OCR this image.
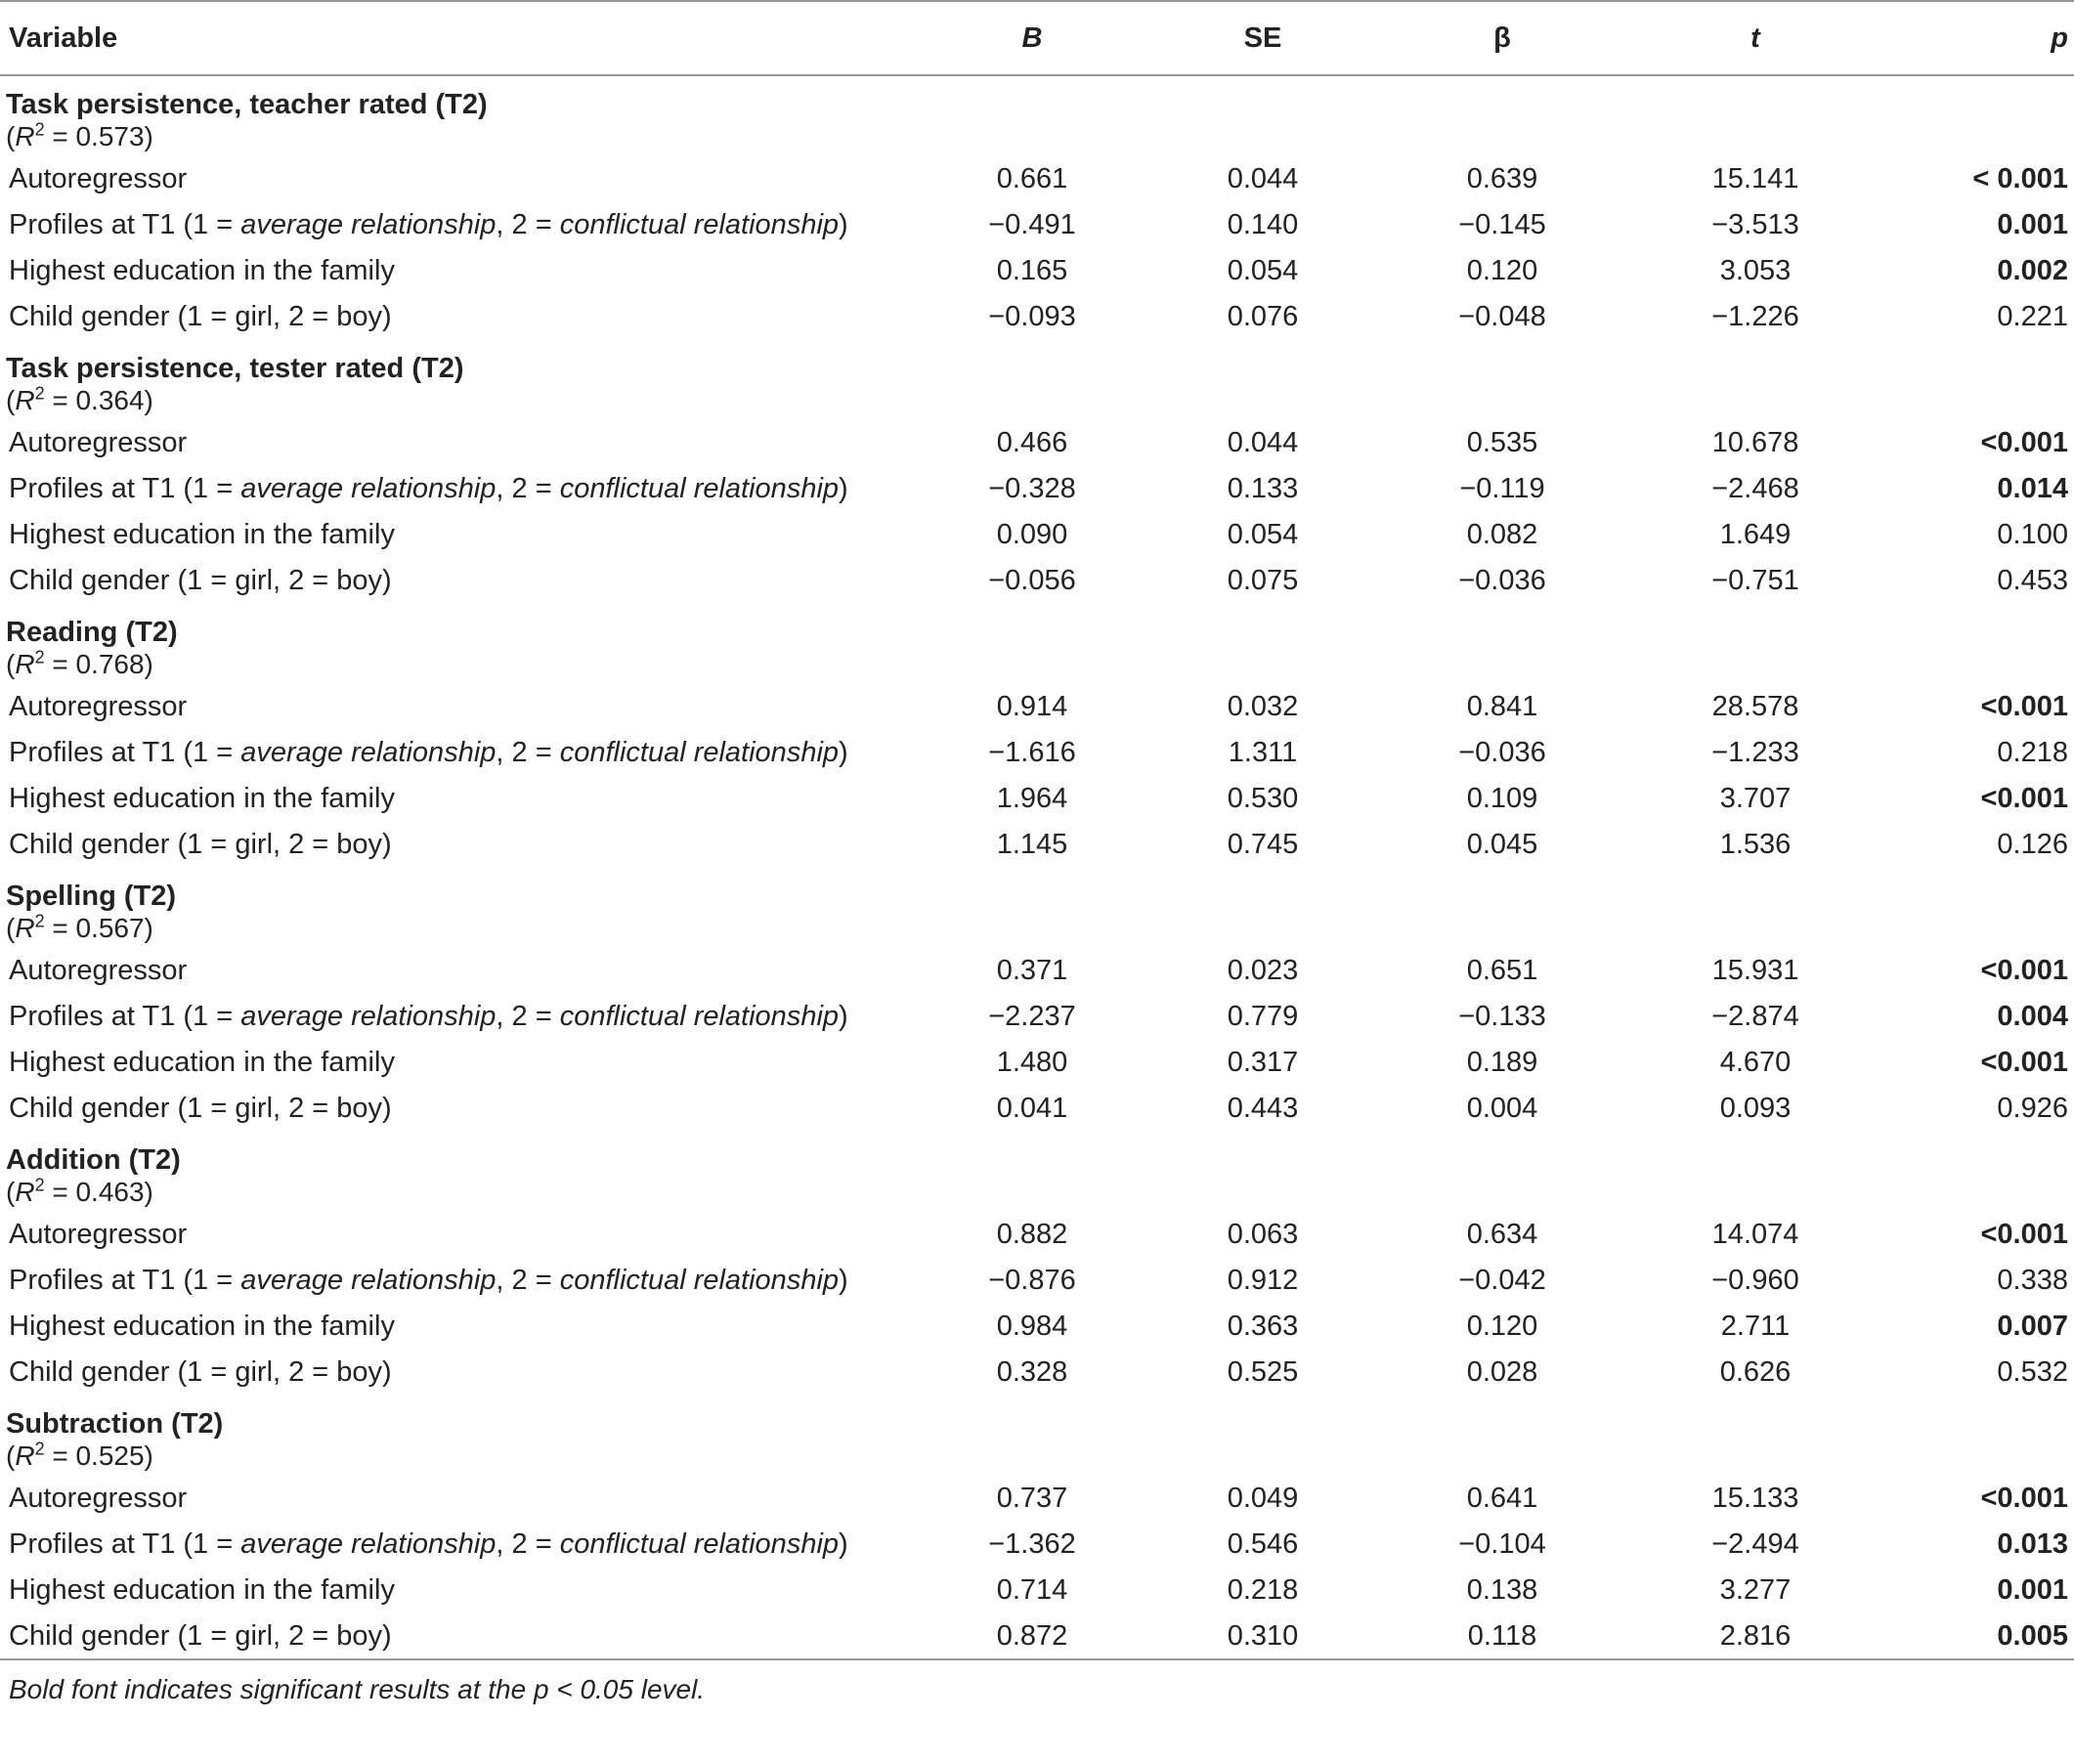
Variable	B	SE	β	t	p
Task persistence, teacher rated (T2)					
$(R^2 = 0.573)$					
Autoregressor	0.661	0.044	0.639	15.141	< 0.001
Profiles at T1 (1 = average relationship, 2 = conflictual relationship)	−0.491	0.140	−0.145	−3.513	0.001
Highest education in the family	0.165	0.054	0.120	3.053	0.002
Child gender (1 = girl, 2 = boy)	−0.093	0.076	−0.048	−1.226	0.221
Task persistence, tester rated (T2)					
$(R^2 = 0.364)$					
Autoregressor	0.466	0.044	0.535	10.678	<0.001
Profiles at T1 (1 = average relationship, 2 = conflictual relationship)	−0.328	0.133	−0.119	−2.468	0.014
Highest education in the family	0.090	0.054	0.082	1.649	0.100
Child gender (1 = girl, 2 = boy)	−0.056	0.075	−0.036	−0.751	0.453
Reading (T2)					
$(R^2 = 0.768)$					
Autoregressor	0.914	0.032	0.841	28.578	<0.001
Profiles at T1 (1 = average relationship, 2 = conflictual relationship)	−1.616	1.311	−0.036	−1.233	0.218
Highest education in the family	1.964	0.530	0.109	3.707	<0.001
Child gender (1 = girl, 2 = boy)	1.145	0.745	0.045	1.536	0.126
Spelling (T2)					
$(R^2 = 0.567)$					
Autoregressor	0.371	0.023	0.651	15.931	<0.001
Profiles at T1 (1 = average relationship, 2 = conflictual relationship)	−2.237	0.779	−0.133	−2.874	0.004
Highest education in the family	1.480	0.317	0.189	4.670	<0.001
Child gender (1 = girl, 2 = boy)	0.041	0.443	0.004	0.093	0.926
Addition (T2)					
$(R^2 = 0.463)$					
Autoregressor	0.882	0.063	0.634	14.074	<0.001
Profiles at T1 (1 = average relationship, 2 = conflictual relationship)	−0.876	0.912	−0.042	−0.960	0.338
Highest education in the family	0.984	0.363	0.120	2.711	0.007
Child gender (1 = girl, 2 = boy)	0.328	0.525	0.028	0.626	0.532
Subtraction (T2)					
$(R^2 = 0.525)$					
Autoregressor	0.737	0.049	0.641	15.133	<0.001
Profiles at T1 (1 = average relationship, 2 = conflictual relationship)	−1.362	0.546	−0.104	−2.494	0.013
Highest education in the family	0.714	0.218	0.138	3.277	0.001
Child gender (1 = girl, 2 = boy)	0.872	0.310	0.118	2.816	0.005
Bold font indicates significant results at the p < 0.05 level.
